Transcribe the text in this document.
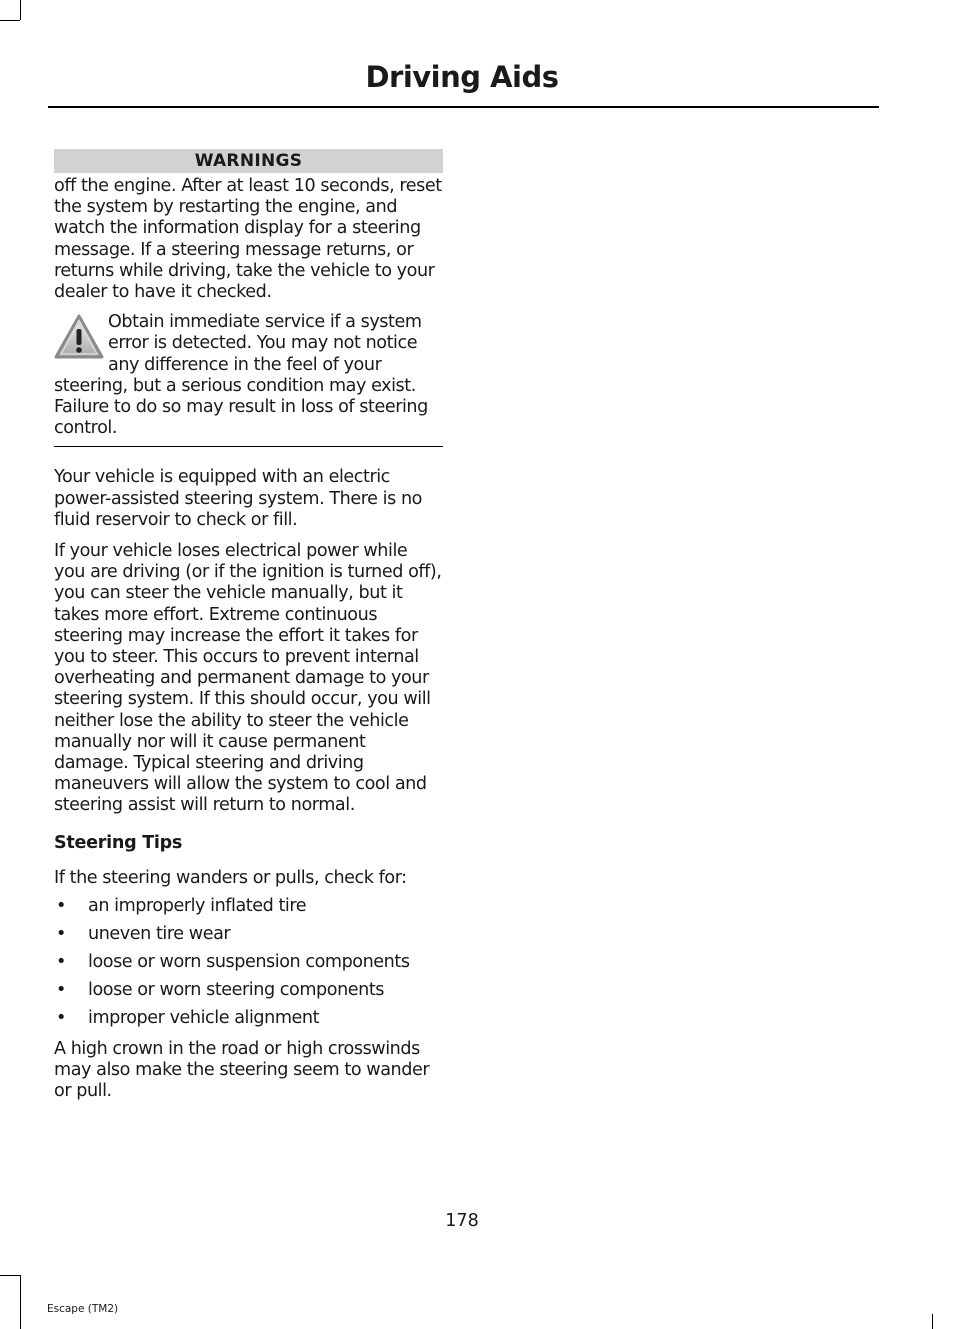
Driving Aids
WARNINGS

off the engine. After at least 10 seconds, reset the system by restarting the engine, and watch the information display for a steering message. If a steering message returns, or returns while driving, take the vehicle to your dealer to have it checked.

Obtain immediate service if a system error is detected. You may not notice any difference in the feel of your steering, but a serious condition may exist. Failure to do so may result in loss of steering control.

Your vehicle is equipped with an electric power-assisted steering system. There is no fluid reservoir to check or fill.

If your vehicle loses electrical power while you are driving (or if the ignition is turned off), you can steer the vehicle manually, but it takes more effort. Extreme continuous steering may increase the effort it takes for you to steer. This occurs to prevent internal overheating and permanent damage to your steering system. If this should occur, you will neither lose the ability to steer the vehicle manually nor will it cause permanent damage. Typical steering and driving maneuvers will allow the system to cool and steering assist will return to normal.

Steering Tips

If the steering wanders or pulls, check for:

• an improperly inflated tire
• uneven tire wear
• loose or worn suspension components
• loose or worn steering components
• improper vehicle alignment

A high crown in the road or high crosswinds may also make the steering seem to wander or pull.

178
Escape (TM2)
